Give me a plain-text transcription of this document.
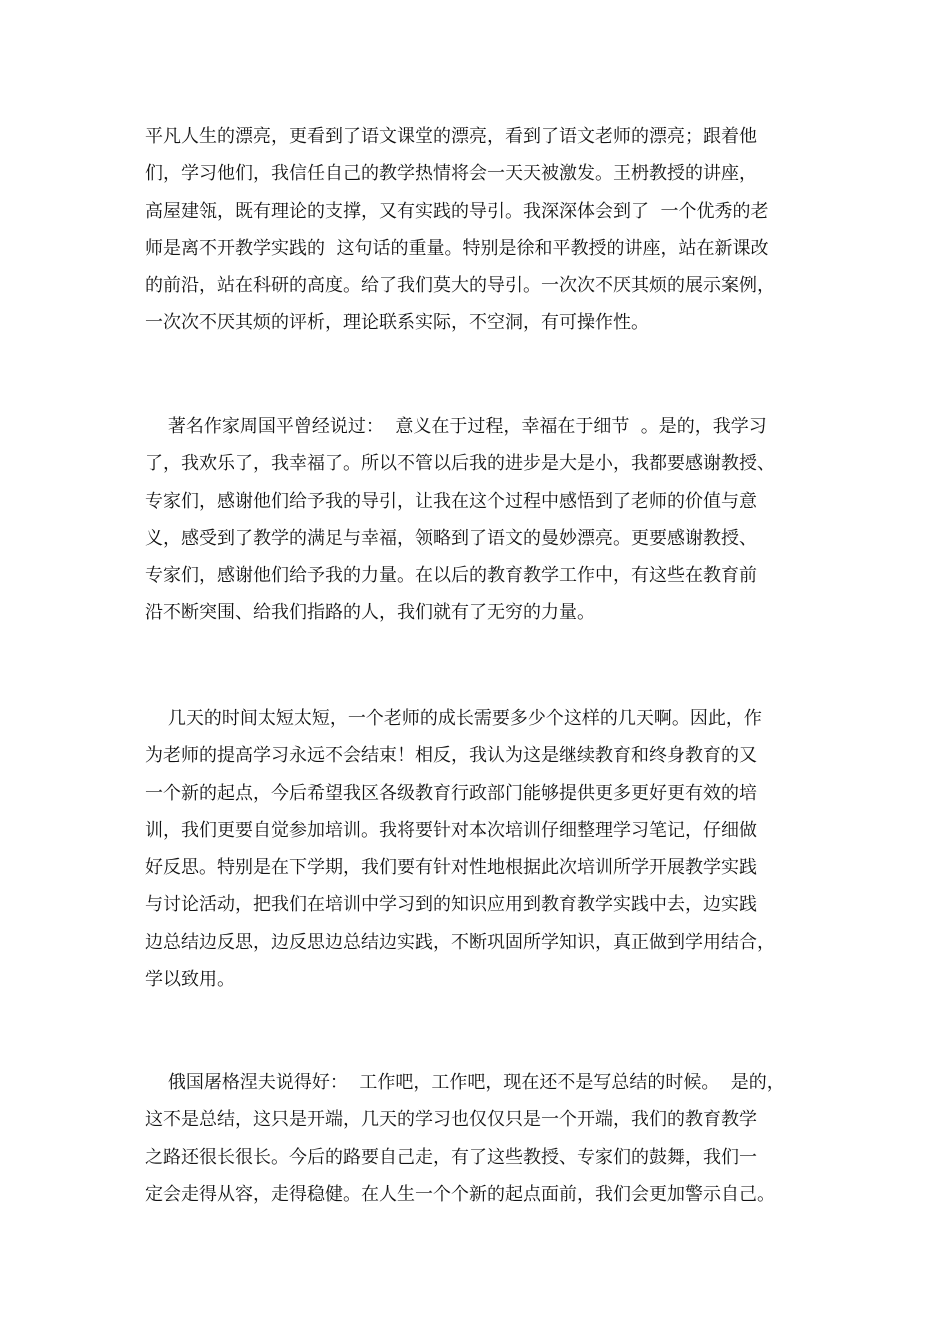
平凡人生的漂亮，更看到了语文课堂的漂亮，看到了语文老师的漂亮；跟着他
们，学习他们，我信任自己的教学热情将会一天天被激发。王枬教授的讲座，
高屋建瓴，既有理论的支撑，又有实践的导引。我深深体会到了  一个优秀的老
师是离不开教学实践的  这句话的重量。特别是徐和平教授的讲座，站在新课改
的前沿，站在科研的高度。给了我们莫大的导引。一次次不厌其烦的展示案例，
一次次不厌其烦的评析，理论联系实际，不空洞，有可操作性。
著名作家周国平曾经说过：  意义在于过程，幸福在于细节  。是的，我学习
了，我欢乐了，我幸福了。所以不管以后我的进步是大是小，我都要感谢教授、
专家们，感谢他们给予我的导引，让我在这个过程中感悟到了老师的价值与意
义，感受到了教学的满足与幸福，领略到了语文的曼妙漂亮。更要感谢教授、
专家们，感谢他们给予我的力量。在以后的教育教学工作中，有这些在教育前
沿不断突围、给我们指路的人，我们就有了无穷的力量。
几天的时间太短太短，一个老师的成长需要多少个这样的几天啊。因此，作
为老师的提高学习永远不会结束！相反，我认为这是继续教育和终身教育的又
一个新的起点，今后希望我区各级教育行政部门能够提供更多更好更有效的培
训，我们更要自觉参加培训。我将要针对本次培训仔细整理学习笔记，仔细做
好反思。特别是在下学期，我们要有针对性地根据此次培训所学开展教学实践
与讨论活动，把我们在培训中学习到的知识应用到教育教学实践中去，边实践
边总结边反思，边反思边总结边实践，不断巩固所学知识，真正做到学用结合，
学以致用。
俄国屠格涅夫说得好：  工作吧，工作吧，现在还不是写总结的时候。  是的，
这不是总结，这只是开端，几天的学习也仅仅只是一个开端，我们的教育教学
之路还很长很长。今后的路要自己走，有了这些教授、专家们的鼓舞，我们一
定会走得从容，走得稳健。在人生一个个新的起点面前，我们会更加警示自己。
